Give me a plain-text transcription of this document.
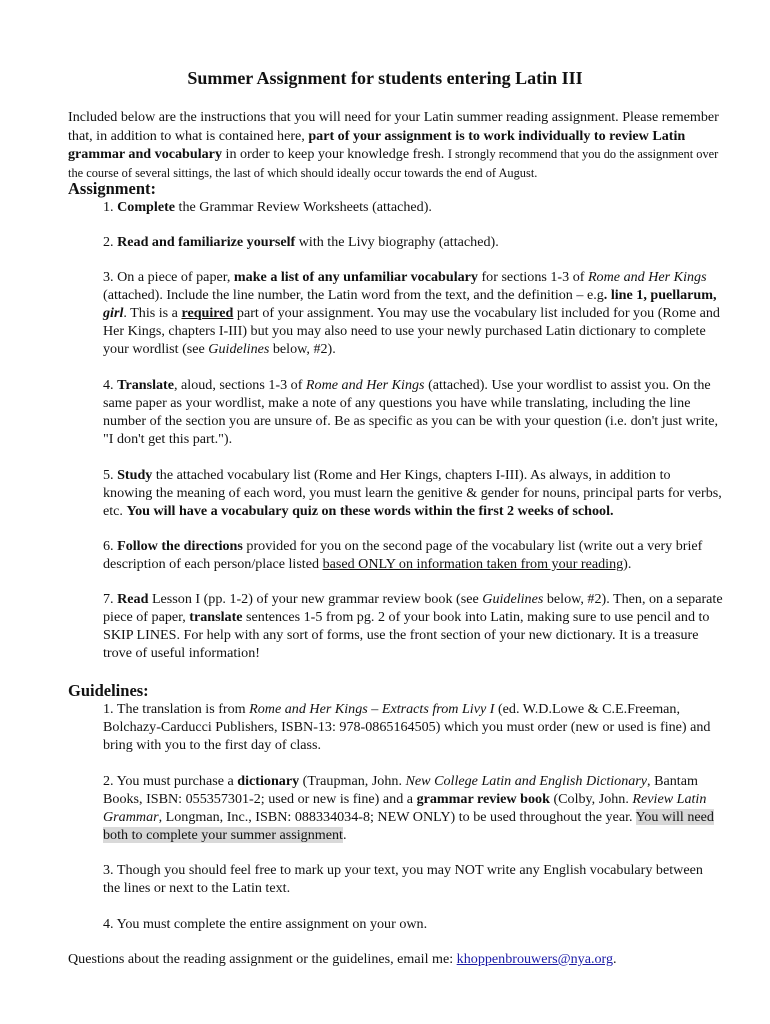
Summer Assignment for students entering Latin III

Included below are the instructions that you will need for your Latin summer reading assignment. Please remember that, in addition to what is contained here, part of your assignment is to work individually to review Latin grammar and vocabulary in order to keep your knowledge fresh. I strongly recommend that you do the assignment over the course of several sittings, the last of which should ideally occur towards the end of August.

Assignment:

1. Complete the Grammar Review Worksheets (attached).

2. Read and familiarize yourself with the Livy biography (attached).

3. On a piece of paper, make a list of any unfamiliar vocabulary for sections 1-3 of Rome and Her Kings (attached). Include the line number, the Latin word from the text, and the definition – e.g. line 1, puellarum, girl. This is a required part of your assignment. You may use the vocabulary list included for you (Rome and Her Kings, chapters I-III) but you may also need to use your newly purchased Latin dictionary to complete your wordlist (see Guidelines below, #2).

4. Translate, aloud, sections 1-3 of Rome and Her Kings (attached). Use your wordlist to assist you. On the same paper as your wordlist, make a note of any questions you have while translating, including the line number of the section you are unsure of. Be as specific as you can be with your question (i.e. don't just write, "I don't get this part.").

5. Study the attached vocabulary list (Rome and Her Kings, chapters I-III). As always, in addition to knowing the meaning of each word, you must learn the genitive & gender for nouns, principal parts for verbs, etc. You will have a vocabulary quiz on these words within the first 2 weeks of school.

6. Follow the directions provided for you on the second page of the vocabulary list (write out a very brief description of each person/place listed based ONLY on information taken from your reading).

7. Read Lesson I (pp. 1-2) of your new grammar review book (see Guidelines below, #2). Then, on a separate piece of paper, translate sentences 1-5 from pg. 2 of your book into Latin, making sure to use pencil and to SKIP LINES. For help with any sort of forms, use the front section of your new dictionary. It is a treasure trove of useful information!

Guidelines:

1. The translation is from Rome and Her Kings – Extracts from Livy I (ed. W.D.Lowe & C.E.Freeman, Bolchazy-Carducci Publishers, ISBN-13: 978-0865164505) which you must order (new or used is fine) and bring with you to the first day of class.

2. You must purchase a dictionary (Traupman, John. New College Latin and English Dictionary, Bantam Books, ISBN: 055357301-2; used or new is fine) and a grammar review book (Colby, John. Review Latin Grammar, Longman, Inc., ISBN: 088334034-8; NEW ONLY) to be used throughout the year. You will need both to complete your summer assignment.

3. Though you should feel free to mark up your text, you may NOT write any English vocabulary between the lines or next to the Latin text.

4. You must complete the entire assignment on your own.

Questions about the reading assignment or the guidelines, email me: khoppenbrouwers@nya.org.
